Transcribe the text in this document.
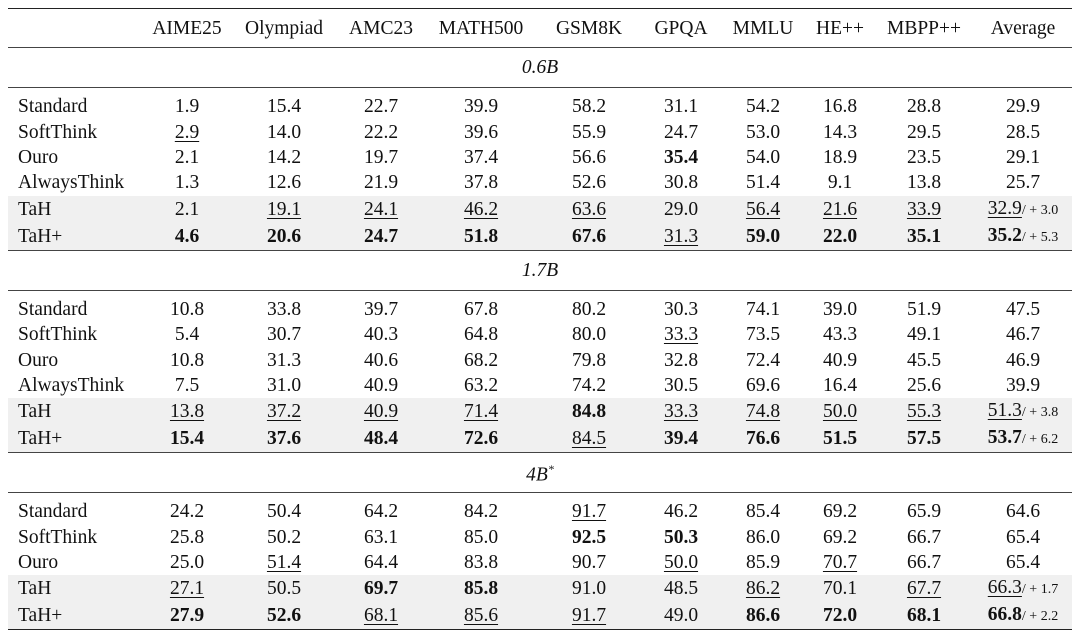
	AIME25	Olympiad	AMC23	MATH500	GSM8K	GPQA	MMLU	HE++	MBPP++	Average
0.6B										
Standard	1.9	15.4	22.7	39.9	58.2	31.1	54.2	16.8	28.8	29.9
SoftThink	2.9	14.0	22.2	39.6	55.9	24.7	53.0	14.3	29.5	28.5
Ouro	2.1	14.2	19.7	37.4	56.6	35.4	54.0	18.9	23.5	29.1
AlwaysThink	1.3	12.6	21.9	37.8	52.6	30.8	51.4	9.1	13.8	25.7
TaH	2.1	19.1	24.1	46.2	63.6	29.0	56.4	21.6	33.9	32.9/ + 3.0
TaH+	4.6	20.6	24.7	51.8	67.6	31.3	59.0	22.0	35.1	35.2/ + 5.3
1.7B										
Standard	10.8	33.8	39.7	67.8	80.2	30.3	74.1	39.0	51.9	47.5
SoftThink	5.4	30.7	40.3	64.8	80.0	33.3	73.5	43.3	49.1	46.7
Ouro	10.8	31.3	40.6	68.2	79.8	32.8	72.4	40.9	45.5	46.9
AlwaysThink	7.5	31.0	40.9	63.2	74.2	30.5	69.6	16.4	25.6	39.9
TaH	13.8	37.2	40.9	71.4	84.8	33.3	74.8	50.0	55.3	51.3/ + 3.8
TaH+	15.4	37.6	48.4	72.6	84.5	39.4	76.6	51.5	57.5	53.7/ + 6.2
4B*
Standard	24.2	50.4	64.2	84.2	91.7	46.2	85.4	69.2	65.9	64.6
SoftThink	25.8	50.2	63.1	85.0	92.5	50.3	86.0	69.2	66.7	65.4
Ouro	25.0	51.4	64.4	83.8	90.7	50.0	85.9	70.7	66.7	65.4
TaH	27.1	50.5	69.7	85.8	91.0	48.5	86.2	70.1	67.7	66.3/ + 1.7
TaH+	27.9	52.6	68.1	85.6	91.7	49.0	86.6	72.0	68.1	66.8/ + 2.2
